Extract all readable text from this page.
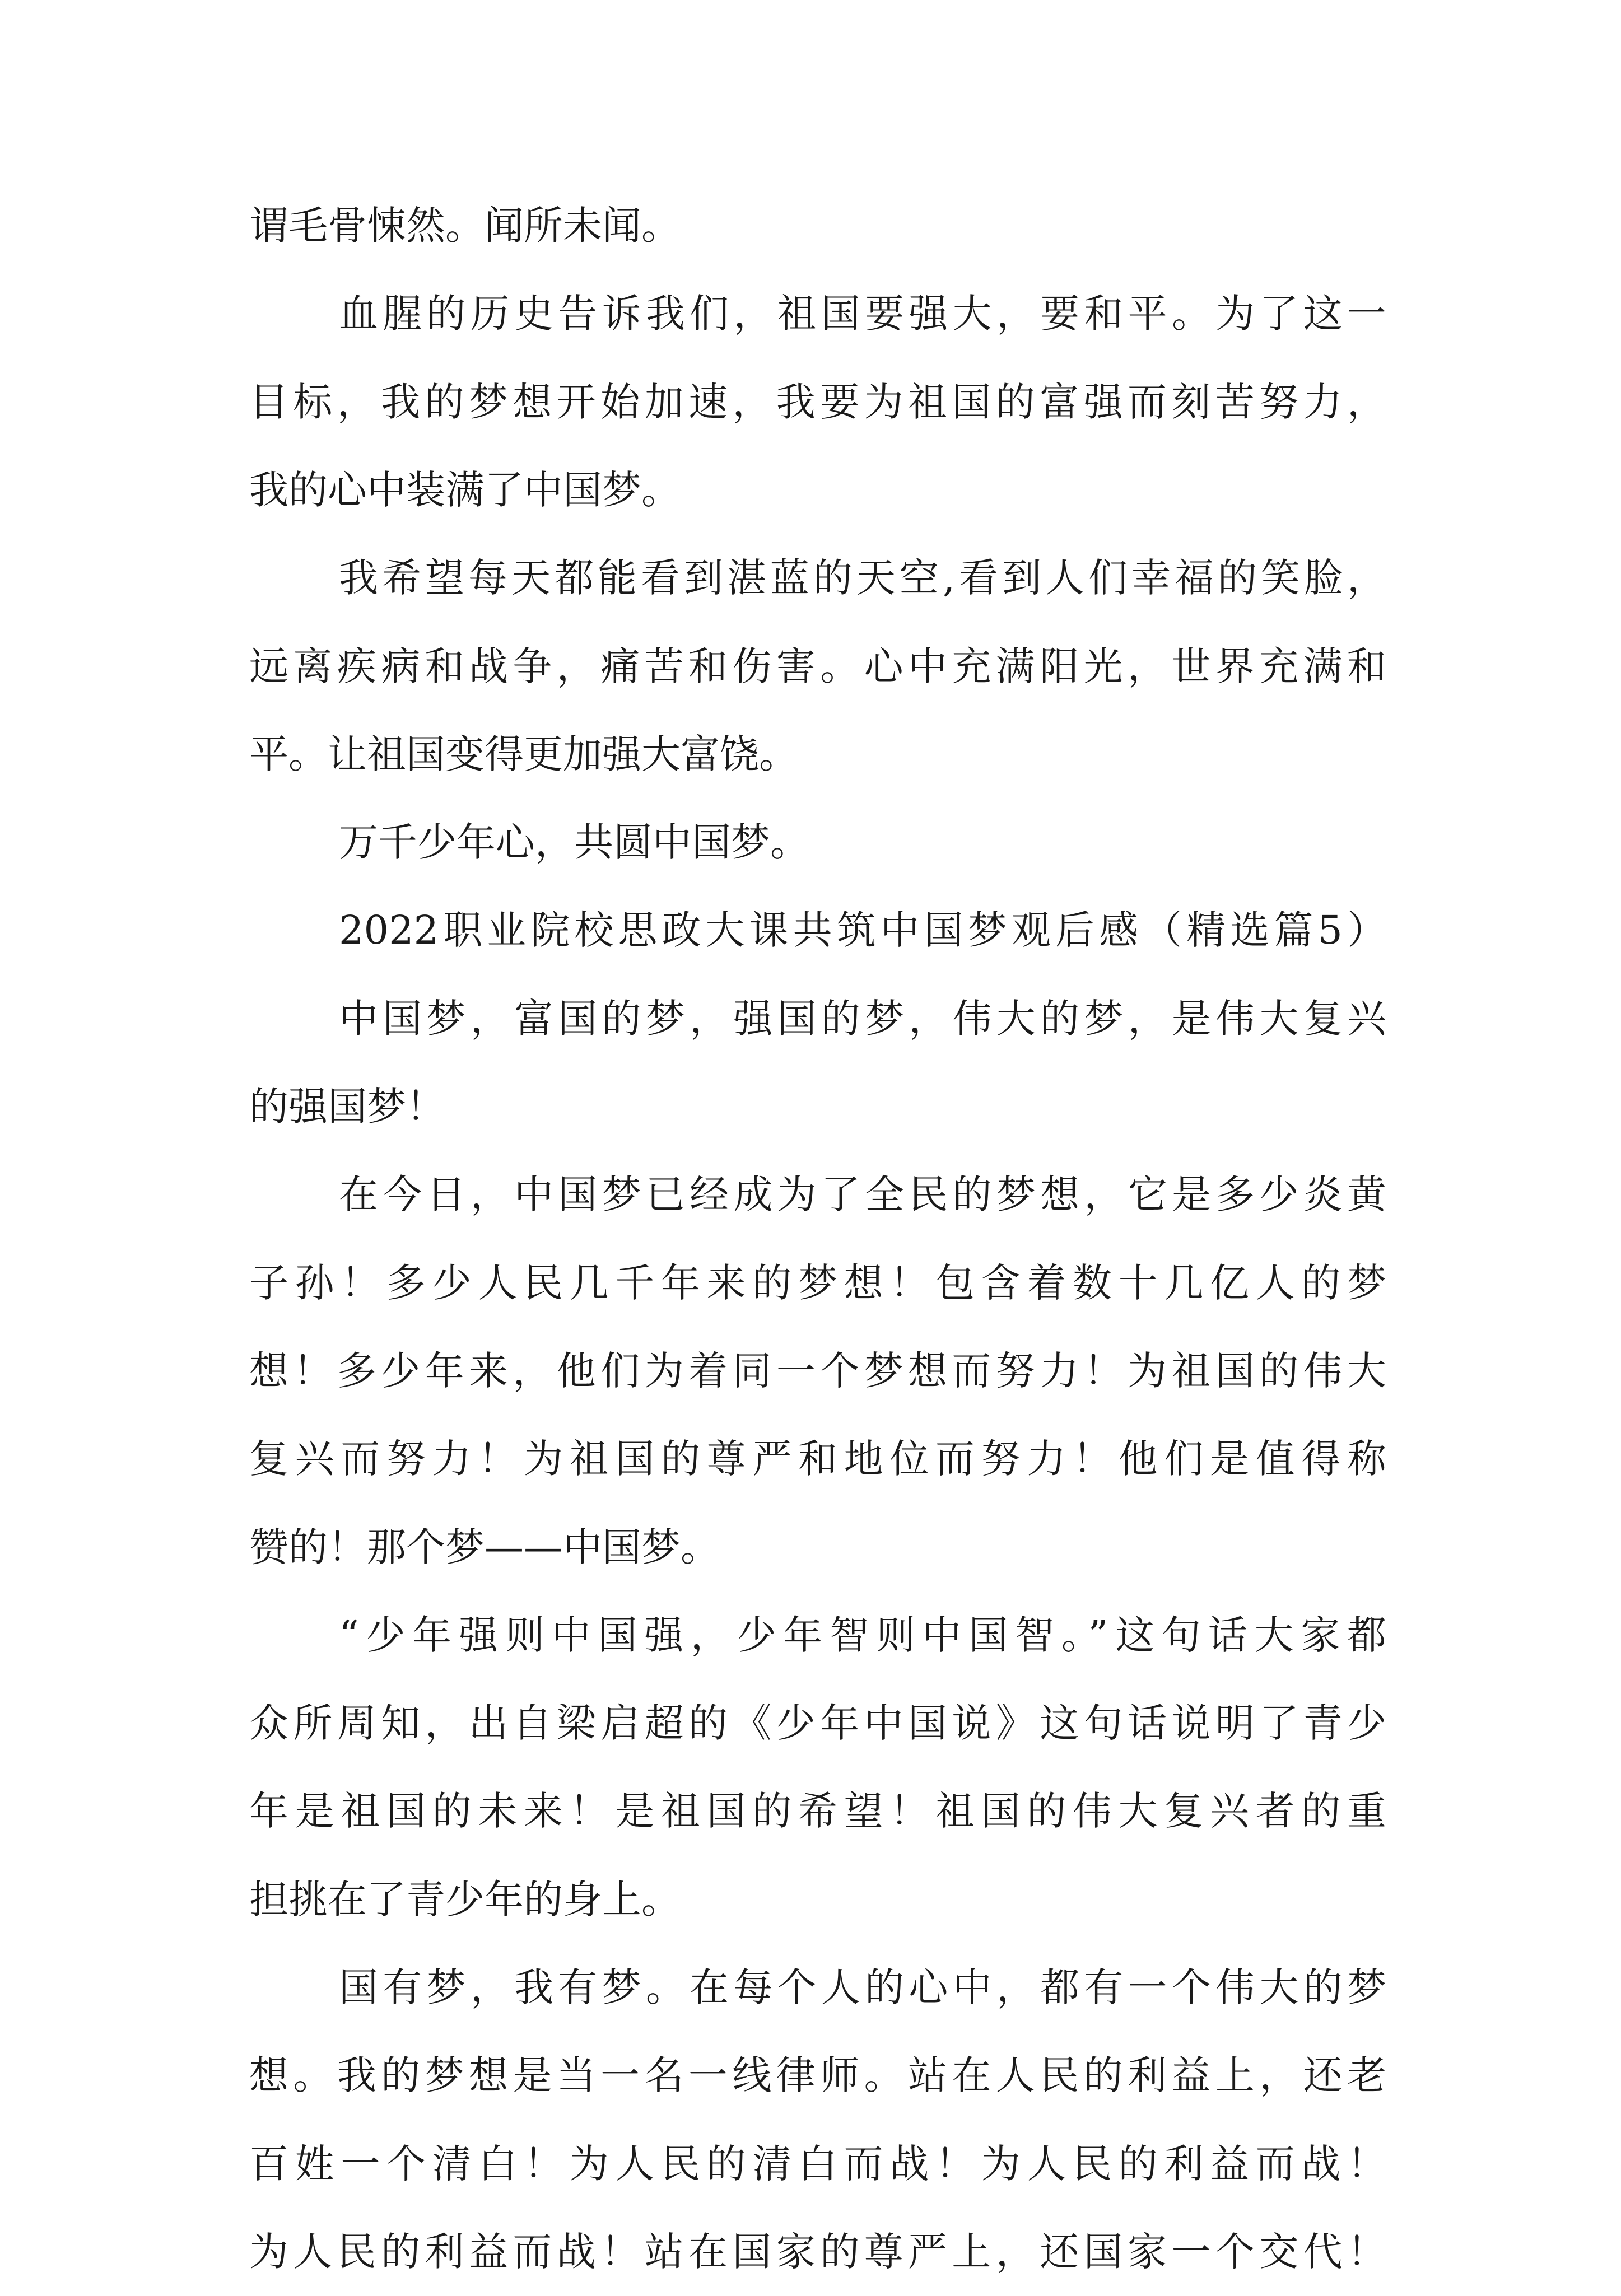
谓毛骨悚然。闻所未闻。
血腥的历史告诉我们，祖国要强大，要和平。为了这一
目标，我的梦想开始加速，我要为祖国的富强而刻苦努力，
我的心中装满了中国梦。
我希望每天都能看到湛蓝的天空,看到人们幸福的笑脸，
远离疾病和战争，痛苦和伤害。心中充满阳光，世界充满和
平。让祖国变得更加强大富饶。
万千少年心，共圆中国梦。
2022职业院校思政大课共筑中国梦观后感（精选篇5）
中国梦，富国的梦，强国的梦，伟大的梦，是伟大复兴
的强国梦！
在今日，中国梦已经成为了全民的梦想，它是多少炎黄
子孙！多少人民几千年来的梦想！包含着数十几亿人的梦
想！多少年来，他们为着同一个梦想而努力！为祖国的伟大
复兴而努力！为祖国的尊严和地位而努力！他们是值得称
赞的！那个梦——中国梦。
“少年强则中国强，少年智则中国智。”这句话大家都
众所周知，出自梁启超的《少年中国说》这句话说明了青少
年是祖国的未来！是祖国的希望！祖国的伟大复兴者的重
担挑在了青少年的身上。
国有梦，我有梦。在每个人的心中，都有一个伟大的梦
想。我的梦想是当一名一线律师。站在人民的利益上，还老
百姓一个清白！为人民的清白而战！为人民的利益而战！
为人民的利益而战！站在国家的尊严上，还国家一个交代！
